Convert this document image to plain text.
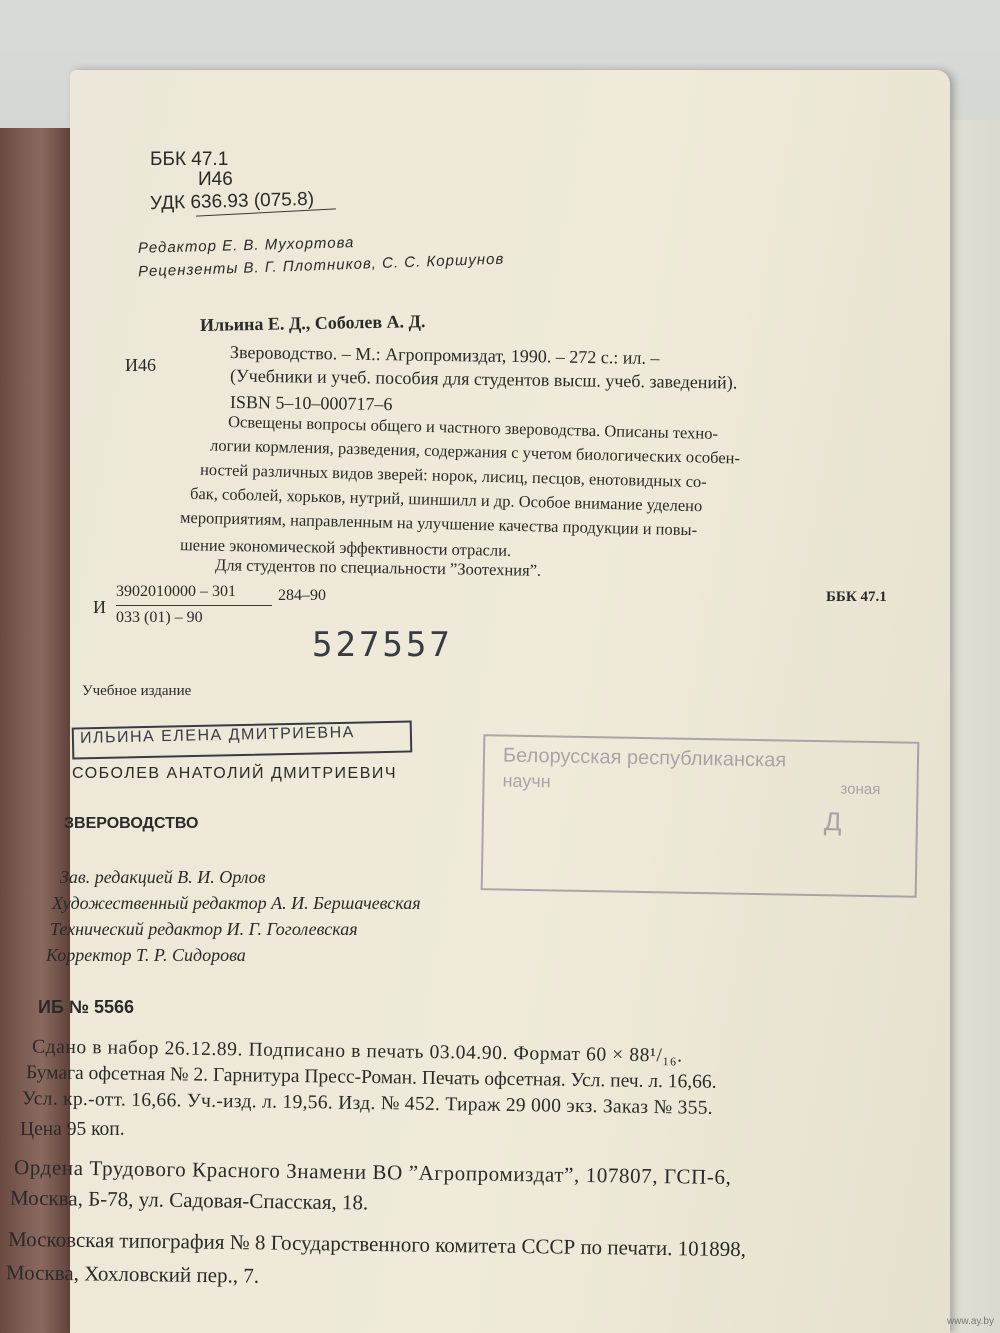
ББК 47.1
И46
УДК 636.93 (075.8)
Редактор Е. В. Мухортова
Рецензенты В. Г. Плотников, С. С. Коршунов
Ильина Е. Д., Соболев А. Д.
И46	Звероводство. – М.: Агропромиздат, 1990. – 272 с.: ил. –
(Учебники и учеб. пособия для студентов высш. учеб. заведений).
ISBN 5–10–000717–6
Освещены вопросы общего и частного звероводства. Описаны техно-
логии кормления, разведения, содержания с учетом биологических особен-
ностей различных видов зверей: норок, лисиц, песцов, енотовидных со-
бак, соболей, хорьков, нутрий, шиншилл и др. Особое внимание уделено
мероприятиям, направленным на улучшение качества продукции и повы-
шение экономической эффективности отрасли.
Для студентов по специальности ”Зоотехния”.
И
3902010000 – 301
033 (01) – 90
284–90	ББК 47.1
527557
Учебное издание
ИЛЬИНА ЕЛЕНА ДМИТРИЕВНА
СОБОЛЕВ АНАТОЛИЙ ДМИТРИЕВИЧ
ЗВЕРОВОДСТВО
Белорусская республиканская
научн	зоная
Д
Зав. редакцией В. И. Орлов
Художественный редактор А. И. Бершачевская
Технический редактор И. Г. Гоголевская
Корректор Т. Р. Сидорова
ИБ № 5566
Сдано в набор 26.12.89. Подписано в печать 03.04.90. Формат 60 × 88¹/₁₆.
Бумага офсетная № 2. Гарнитура Пресс-Роман. Печать офсетная. Усл. печ. л. 16,66.
Усл. кр.-отт. 16,66. Уч.-изд. л. 19,56. Изд. № 452. Тираж 29 000 экз. Заказ № 355.
Цена 95 коп.
Ордена Трудового Красного Знамени ВО ”Агропромиздат”, 107807, ГСП-6,
Москва, Б-78, ул. Садовая-Спасская, 18.
Московская типография № 8 Государственного комитета СССР по печати. 101898,
Москва, Хохловский пер., 7.
www.ay.by
